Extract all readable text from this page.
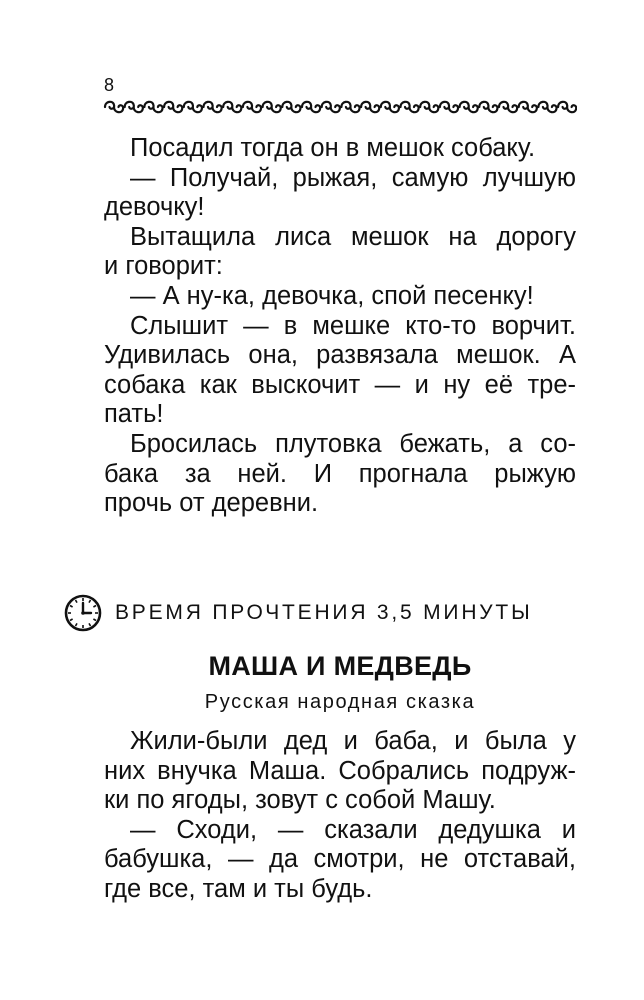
8
Посадил тогда он в мешок собаку.
— Получай, рыжая, самую лучшую
девочку!
Вытащила лиса мешок на дорогу
и говорит:
— А ну-ка, девочка, спой песенку!
Слышит — в мешке кто-то ворчит.
Удивилась она, развязала мешок. А
собака как выскочит — и ну её тре-
пать!
Бросилась плутовка бежать, а со-
бака за ней. И прогнала рыжую
прочь от деревни.
ВРЕМЯ ПРОЧТЕНИЯ 3,5 МИНУТЫ
МАША И МЕДВЕДЬ
Русская народная сказка
Жили-были дед и баба, и была у
них внучка Маша. Собрались подруж-
ки по ягоды, зовут с собой Машу.
— Сходи, — сказали дедушка и
бабушка, — да смотри, не отставай,
где все, там и ты будь.
